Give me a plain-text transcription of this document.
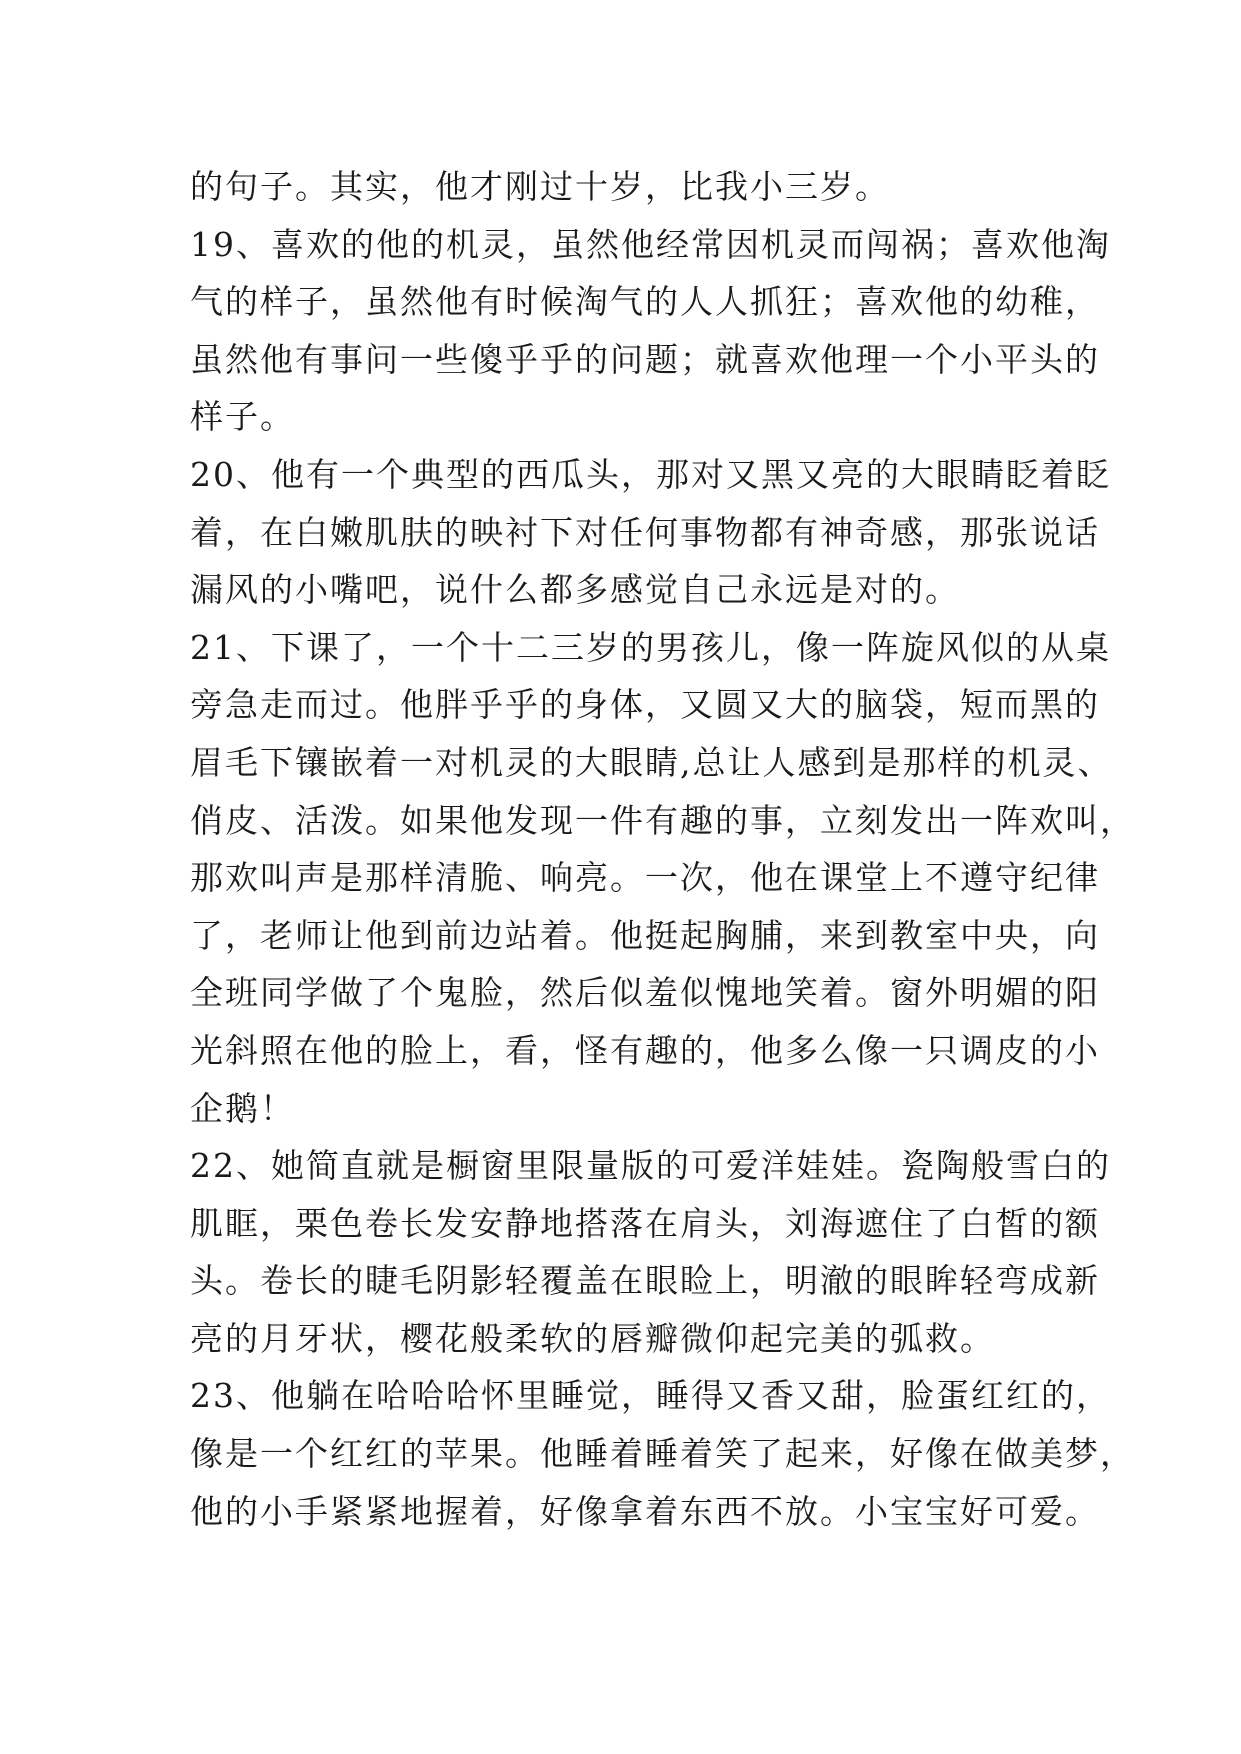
的句子。其实，他才刚过十岁，比我小三岁。
19、喜欢的他的机灵，虽然他经常因机灵而闯祸；喜欢他淘
气的样子，虽然他有时候淘气的人人抓狂；喜欢他的幼稚，
虽然他有事问一些傻乎乎的问题；就喜欢他理一个小平头的
样子。
20、他有一个典型的西瓜头，那对又黑又亮的大眼睛眨着眨
着，在白嫩肌肤的映衬下对任何事物都有神奇感，那张说话
漏风的小嘴吧，说什么都多感觉自己永远是对的。
21、下课了，一个十二三岁的男孩儿，像一阵旋风似的从桌
旁急走而过。他胖乎乎的身体，又圆又大的脑袋，短而黑的
眉毛下镶嵌着一对机灵的大眼睛,总让人感到是那样的机灵、
俏皮、活泼。如果他发现一件有趣的事，立刻发出一阵欢叫，
那欢叫声是那样清脆、响亮。一次，他在课堂上不遵守纪律
了，老师让他到前边站着。他挺起胸脯，来到教室中央，向
全班同学做了个鬼脸，然后似羞似愧地笑着。窗外明媚的阳
光斜照在他的脸上，看，怪有趣的，他多么像一只调皮的小
企鹅！
22、她简直就是橱窗里限量版的可爱洋娃娃。瓷陶般雪白的
肌眶，栗色卷长发安静地搭落在肩头，刘海遮住了白皙的额
头。卷长的睫毛阴影轻覆盖在眼睑上，明澈的眼眸轻弯成新
亮的月牙状，樱花般柔软的唇瓣微仰起完美的弧救。
23、他躺在哈哈哈怀里睡觉，睡得又香又甜，脸蛋红红的，
像是一个红红的苹果。他睡着睡着笑了起来，好像在做美梦，
他的小手紧紧地握着，好像拿着东西不放。小宝宝好可爱。
